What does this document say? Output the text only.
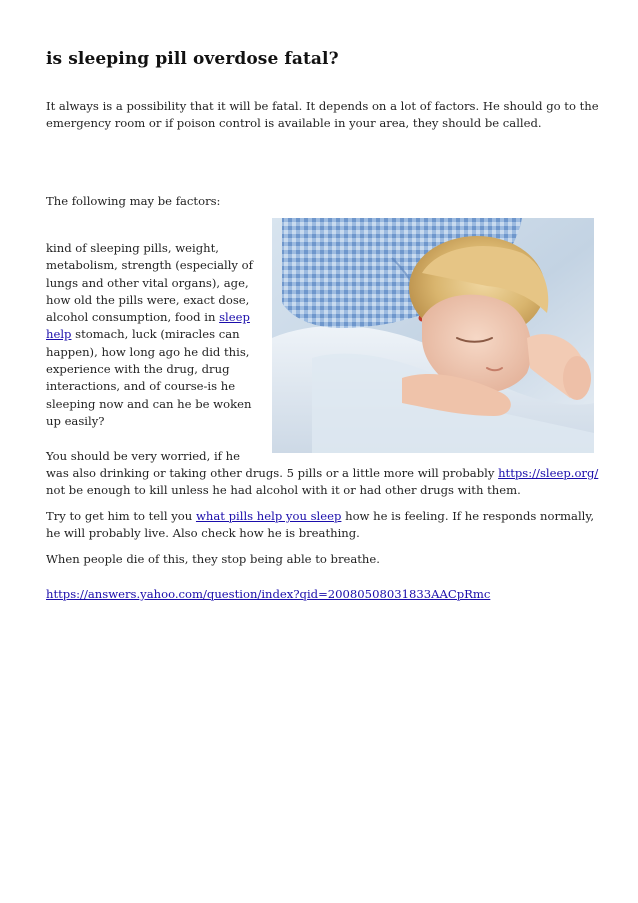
is sleeping pill overdose fatal?

It always is a possibility that it will be fatal. It depends on a lot of factors. He should go to the emergency room or if poison control is available in your area, they should be called.

The following may be factors:

kind of sleeping pills, weight, metabolism, strength (especially of lungs and other vital organs), age, how old the pills were, exact dose, alcohol consumption, food in sleep help stomach, luck (miracles can happen), how long ago he did this, experience with the drug, drug interactions, and of course-is he sleeping now and can he be woken up easily?

You should be very worried, if he was also drinking or taking other drugs. 5 pills or a little more will probably https://sleep.org/ not be enough to kill unless he had alcohol with it or had other drugs with them.

Try to get him to tell you what pills help you sleep how he is feeling. If he responds normally, he will probably live. Also check how he is breathing.

When people die of this, they stop being able to breathe.

https://answers.yahoo.com/question/index?qid=20080508031833AACpRmc
